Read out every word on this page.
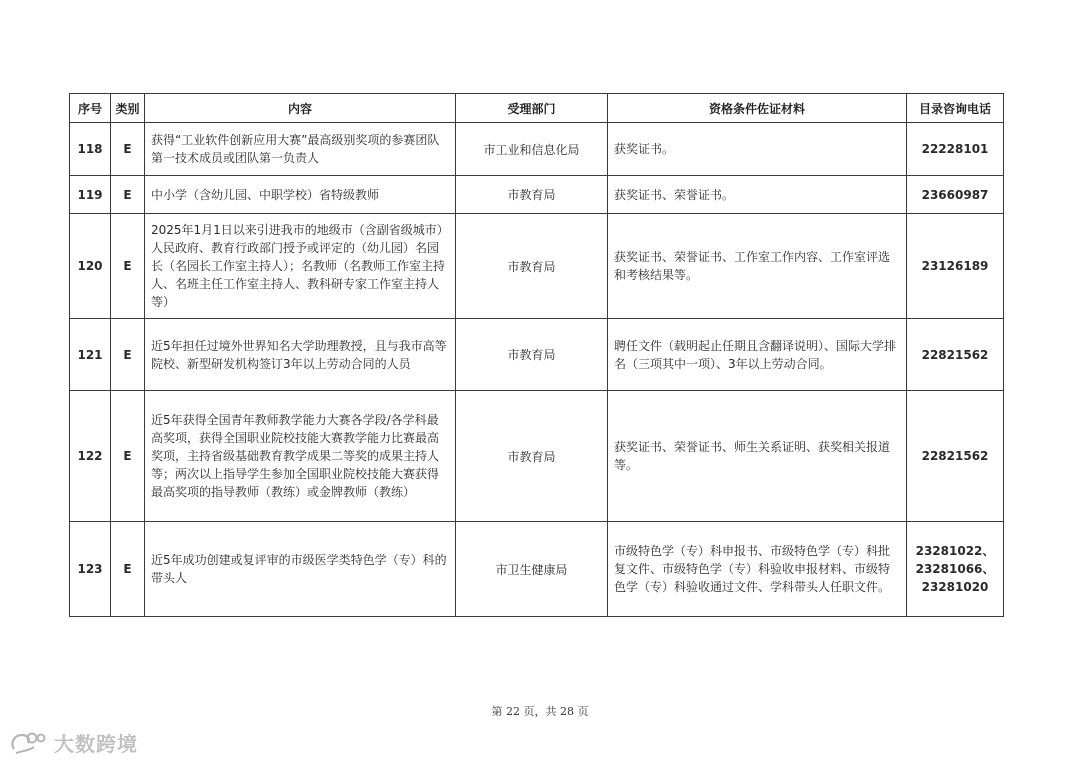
序号	类别	内容	受理部门	资格条件佐证材料	目录咨询电话
118	E	获得“工业软件创新应用大赛”最高级别奖项的参赛团队第一技术成员或团队第一负责人	市工业和信息化局	获奖证书。	22228101

119	E	中小学（含幼儿园、中职学校）省特级教师	市教育局	获奖证书、荣誉证书。	23660987

120	E	2025年1月1日以来引进我市的地级市（含副省级城市）人民政府、教育行政部门授予或评定的（幼儿园）名园长（名园长工作室主持人）；名教师（名教师工作室主持人、名班主任工作室主持人、教科研专家工作室主持人等）	市教育局	获奖证书、荣誉证书、工作室工作内容、工作室评选和考核结果等。	23126189

121	E	近5年担任过境外世界知名大学助理教授，且与我市高等院校、新型研发机构签订3年以上劳动合同的人员	市教育局	聘任文件（载明起止任期且含翻译说明）、国际大学排名（三项其中一项）、3年以上劳动合同。	22821562

122	E	近5年获得全国青年教师教学能力大赛各学段/各学科最高奖项，获得全国职业院校技能大赛教学能力比赛最高奖项，主持省级基础教育教学成果二等奖的成果主持人等；两次以上指导学生参加全国职业院校技能大赛获得最高奖项的指导教师（教练）或金牌教师（教练）	市教育局	获奖证书、荣誉证书、师生关系证明、获奖相关报道等。	22821562

123	E	近5年成功创建或复评审的市级医学类特色学（专）科的带头人	市卫生健康局	市级特色学（专）科申报书、市级特色学（专）科批复文件、市级特色学（专）科验收申报材料、市级特色学（专）科验收通过文件、学科带头人任职文件。	23281022、
23281066、
23281020
第 22 页，共 28 页
大数跨境
